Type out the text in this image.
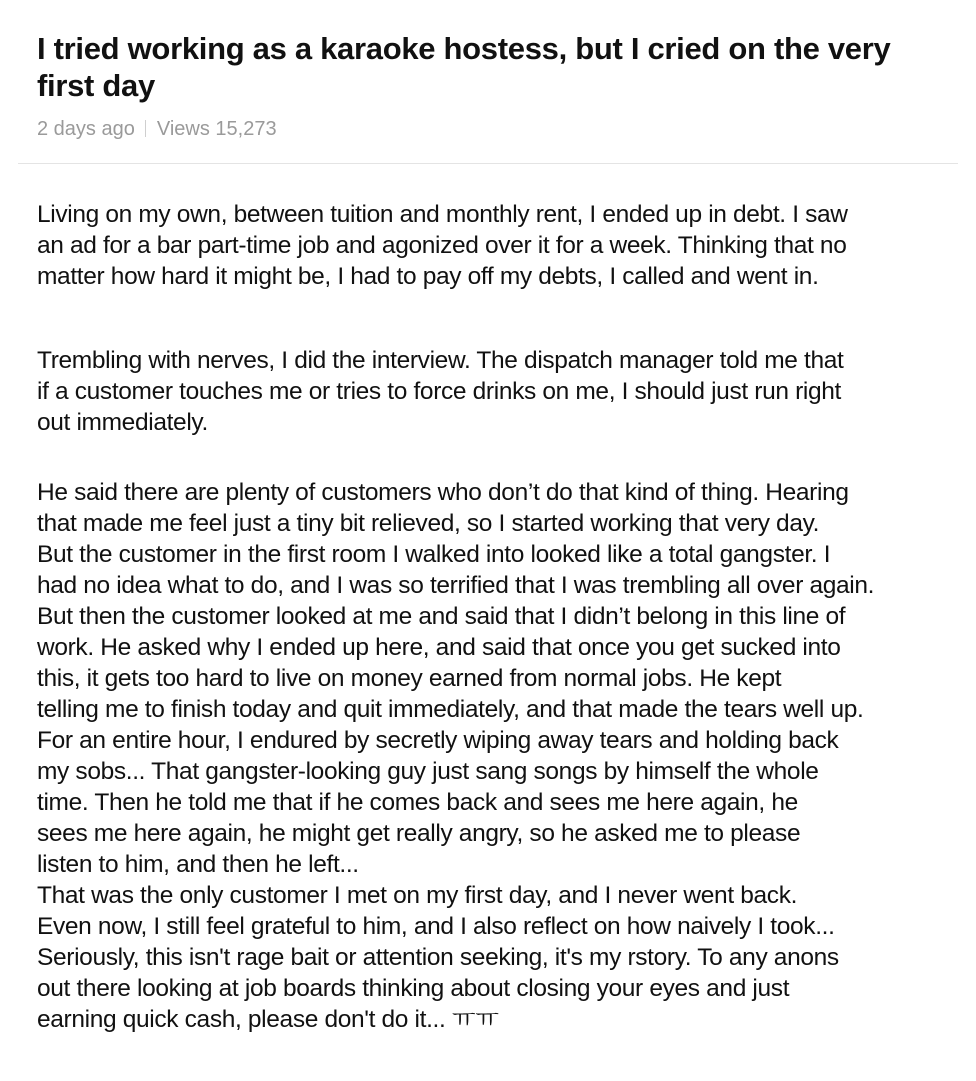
I tried working as a karaoke hostess, but I cried on the very first day
2 days ago Views 15,273
Living on my own, between tuition and monthly rent, I ended up in debt. I saw
an ad for a bar part-time job and agonized over it for a week. Thinking that no
matter how hard it might be, I had to pay off my debts, I called and went in.
Trembling with nerves, I did the interview. The dispatch manager told me that
if a customer touches me or tries to force drinks on me, I should just run right
out immediately.
He said there are plenty of customers who don’t do that kind of thing. Hearing
that made me feel just a tiny bit relieved, so I started working that very day.
But the customer in the first room I walked into looked like a total gangster. I
had no idea what to do, and I was so terrified that I was trembling all over again.
But then the customer looked at me and said that I didn’t belong in this line of
work. He asked why I ended up here, and said that once you get sucked into
this, it gets too hard to live on money earned from normal jobs. He kept
telling me to finish today and quit immediately, and that made the tears well up.
For an entire hour, I endured by secretly wiping away tears and holding back
my sobs... That gangster-looking guy just sang songs by himself the whole
time. Then he told me that if he comes back and sees me here again, he
sees me here again, he might get really angry, so he asked me to please
listen to him, and then he left...
That was the only customer I met on my first day, and I never went back.
Even now, I still feel grateful to him, and I also reflect on how naively I took...
Seriously, this isn't rage bait or attention seeking, it's my rstory. To any anons
out there looking at job boards thinking about closing your eyes and just
earning quick cash, please don't do it... ㅠㅠ
